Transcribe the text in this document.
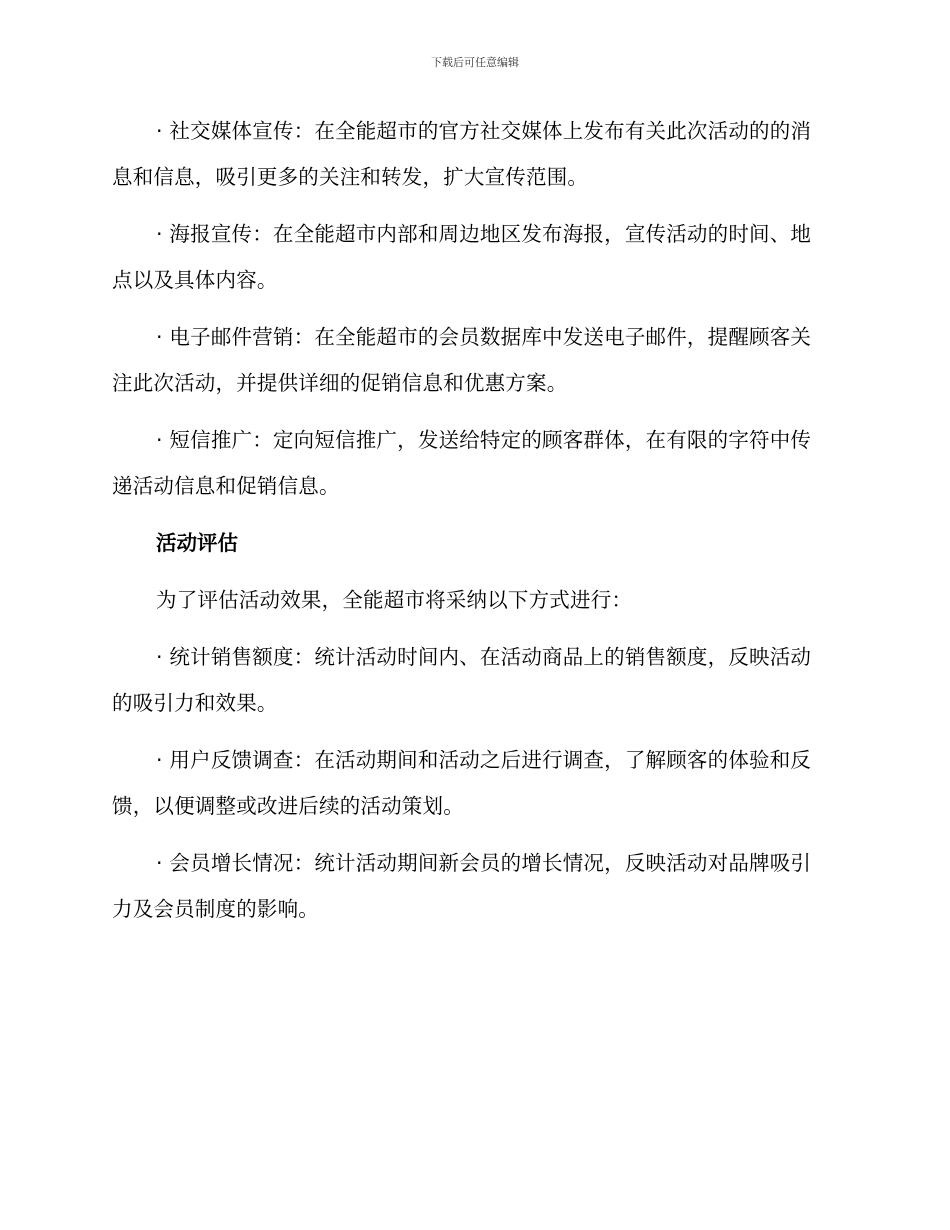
下载后可任意编辑

· 社交媒体宣传：在全能超市的官方社交媒体上发布有关此次活动的的消息和信息，吸引更多的关注和转发，扩大宣传范围。

· 海报宣传：在全能超市内部和周边地区发布海报，宣传活动的时间、地点以及具体内容。

· 电子邮件营销：在全能超市的会员数据库中发送电子邮件，提醒顾客关注此次活动，并提供详细的促销信息和优惠方案。

· 短信推广：定向短信推广，发送给特定的顾客群体，在有限的字符中传递活动信息和促销信息。

活动评估

为了评估活动效果，全能超市将采纳以下方式进行：

· 统计销售额度：统计活动时间内、在活动商品上的销售额度，反映活动的吸引力和效果。

· 用户反馈调查：在活动期间和活动之后进行调查，了解顾客的体验和反馈，以便调整或改进后续的活动策划。

· 会员增长情况：统计活动期间新会员的增长情况，反映活动对品牌吸引力及会员制度的影响。
